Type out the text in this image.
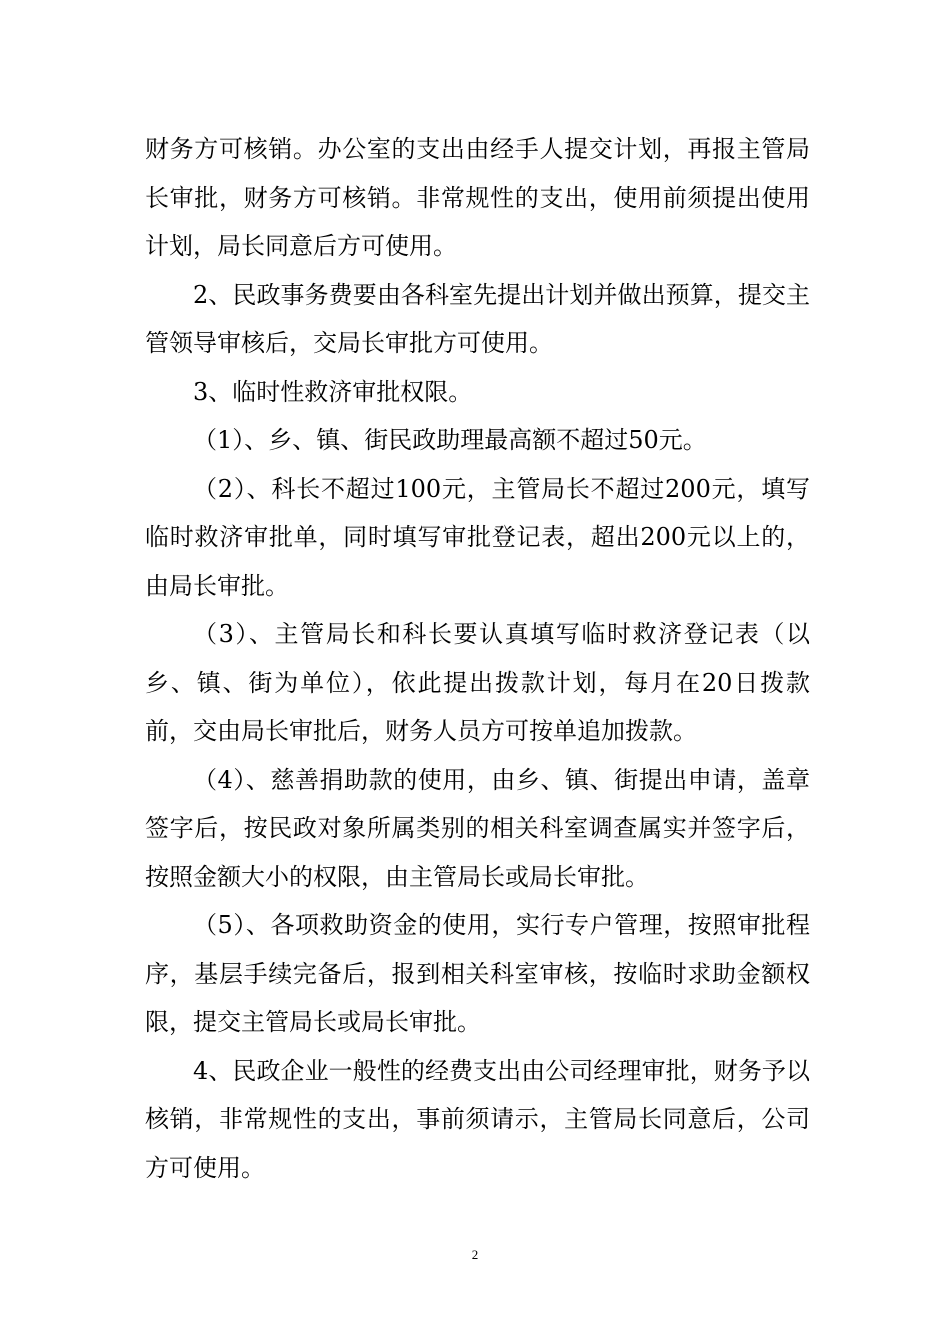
财务方可核销。办公室的支出由经手人提交计划，再报主管局长审批，财务方可核销。非常规性的支出，使用前须提出使用计划，局长同意后方可使用。

2、民政事务费要由各科室先提出计划并做出预算，提交主管领导审核后，交局长审批方可使用。

3、临时性救济审批权限。

（1）、乡、镇、街民政助理最高额不超过50元。

（2）、科长不超过100元，主管局长不超过200元，填写临时救济审批单，同时填写审批登记表，超出200元以上的，由局长审批。

（3）、主管局长和科长要认真填写临时救济登记表（以乡、镇、街为单位），依此提出拨款计划，每月在20日拨款前，交由局长审批后，财务人员方可按单追加拨款。

（4）、慈善捐助款的使用，由乡、镇、街提出申请，盖章签字后，按民政对象所属类别的相关科室调查属实并签字后，按照金额大小的权限，由主管局长或局长审批。

（5）、各项救助资金的使用，实行专户管理，按照审批程序，基层手续完备后，报到相关科室审核，按临时求助金额权限，提交主管局长或局长审批。

4、民政企业一般性的经费支出由公司经理审批，财务予以核销，非常规性的支出，事前须请示，主管局长同意后，公司方可使用。

2
